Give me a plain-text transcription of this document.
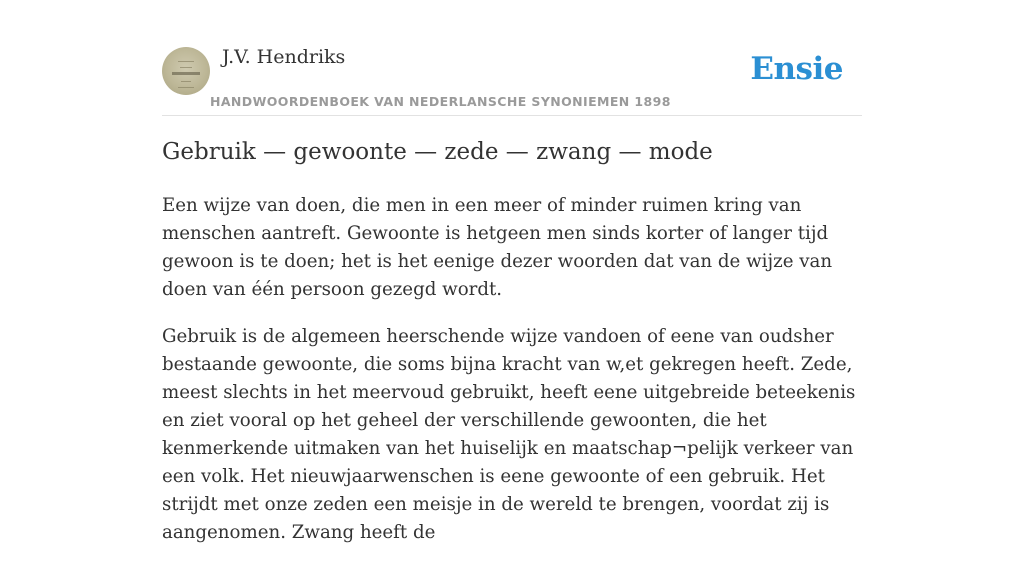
J.V. Hendriks	Ensie
HANDWOORDENBOEK VAN NEDERLANSCHE SYNONIEMEN 1898
Gebruik — gewoonte — zede — zwang — mode

Een wijze van doen, die men in een meer of minder ruimen kring van menschen aantreft. Gewoonte is hetgeen men sinds korter of langer tijd gewoon is te doen; het is het eenige dezer woorden dat van de wijze van doen van één persoon gezegd wordt.

Gebruik is de algemeen heerschende wijze vandoen of eene van oudsher bestaande gewoonte, die soms bijna kracht van w,et gekregen heeft. Zede, meest slechts in het meervoud gebruikt, heeft eene uitgebreide beteekenis en ziet vooral op het geheel der verschillende gewoonten, die het kenmerkende uitmaken van het huiselijk en maatschap¬pelijk verkeer van een volk. Het nieuwjaarwenschen is eene gewoonte of een gebruik. Het strijdt met onze zeden een meisje in de wereld te brengen, voordat zij is aangenomen. Zwang heeft de
